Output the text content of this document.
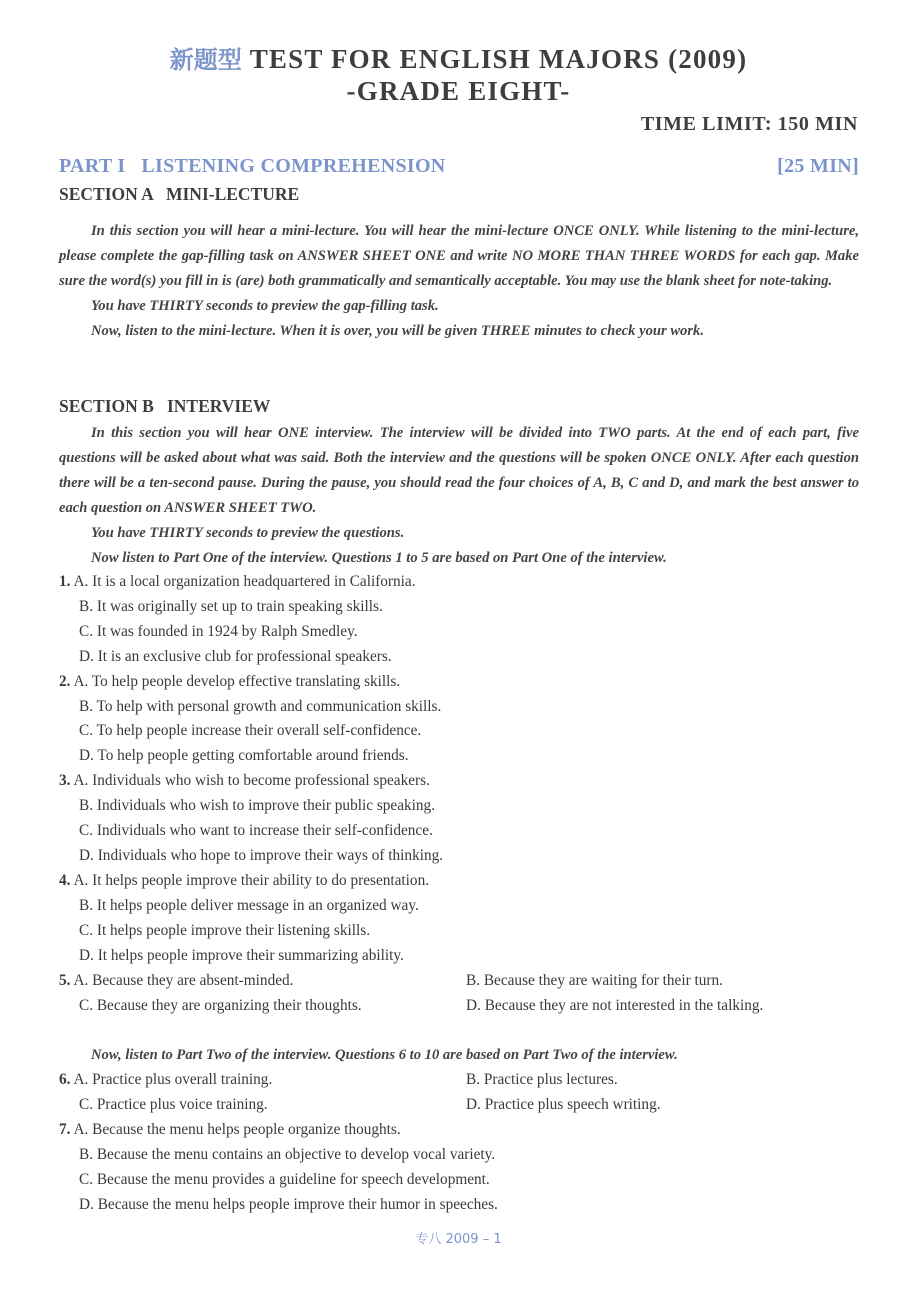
新题型 TEST FOR ENGLISH MAJORS (2009)
-GRADE EIGHT-
TIME LIMIT: 150 MIN
PART I   LISTENING COMPREHENSION	[25 MIN]
SECTION A   MINI-LECTURE

In this section you will hear a mini-lecture. You will hear the mini-lecture ONCE ONLY. While listening to the mini-lecture, please complete the gap-filling task on ANSWER SHEET ONE and write NO MORE THAN THREE WORDS for each gap. Make sure the word(s) you fill in is (are) both grammatically and semantically acceptable. You may use the blank sheet for note-taking.

You have THIRTY seconds to preview the gap-filling task.

Now, listen to the mini-lecture. When it is over, you will be given THREE minutes to check your work.

SECTION B   INTERVIEW

In this section you will hear ONE interview. The interview will be divided into TWO parts. At the end of each part, five questions will be asked about what was said. Both the interview and the questions will be spoken ONCE ONLY. After each question there will be a ten-second pause. During the pause, you should read the four choices of A, B, C and D, and mark the best answer to each question on ANSWER SHEET TWO.

You have THIRTY seconds to preview the questions.

Now listen to Part One of the interview. Questions 1 to 5 are based on Part One of the interview.

1. A. It is a local organization headquartered in California.
B. It was originally set up to train speaking skills.
C. It was founded in 1924 by Ralph Smedley.
D. It is an exclusive club for professional speakers.
2. A. To help people develop effective translating skills.
B. To help with personal growth and communication skills.
C. To help people increase their overall self-confidence.
D. To help people getting comfortable around friends.
3. A. Individuals who wish to become professional speakers.
B. Individuals who wish to improve their public speaking.
C. Individuals who want to increase their self-confidence.
D. Individuals who hope to improve their ways of thinking.
4. A. It helps people improve their ability to do presentation.
B. It helps people deliver message in an organized way.
C. It helps people improve their listening skills.
D. It helps people improve their summarizing ability.
5. A. Because they are absent-minded.	B. Because they are waiting for their turn.
C. Because they are organizing their thoughts.	D. Because they are not interested in the talking.
Now, listen to Part Two of the interview. Questions 6 to 10 are based on Part Two of the interview.
6. A. Practice plus overall training.	B. Practice plus lectures.
C. Practice plus voice training.	D. Practice plus speech writing.
7. A. Because the menu helps people organize thoughts.
B. Because the menu contains an objective to develop vocal variety.
C. Because the menu provides a guideline for speech development.
D. Because the menu helps people improve their humor in speeches.
专八 2009 – 1
